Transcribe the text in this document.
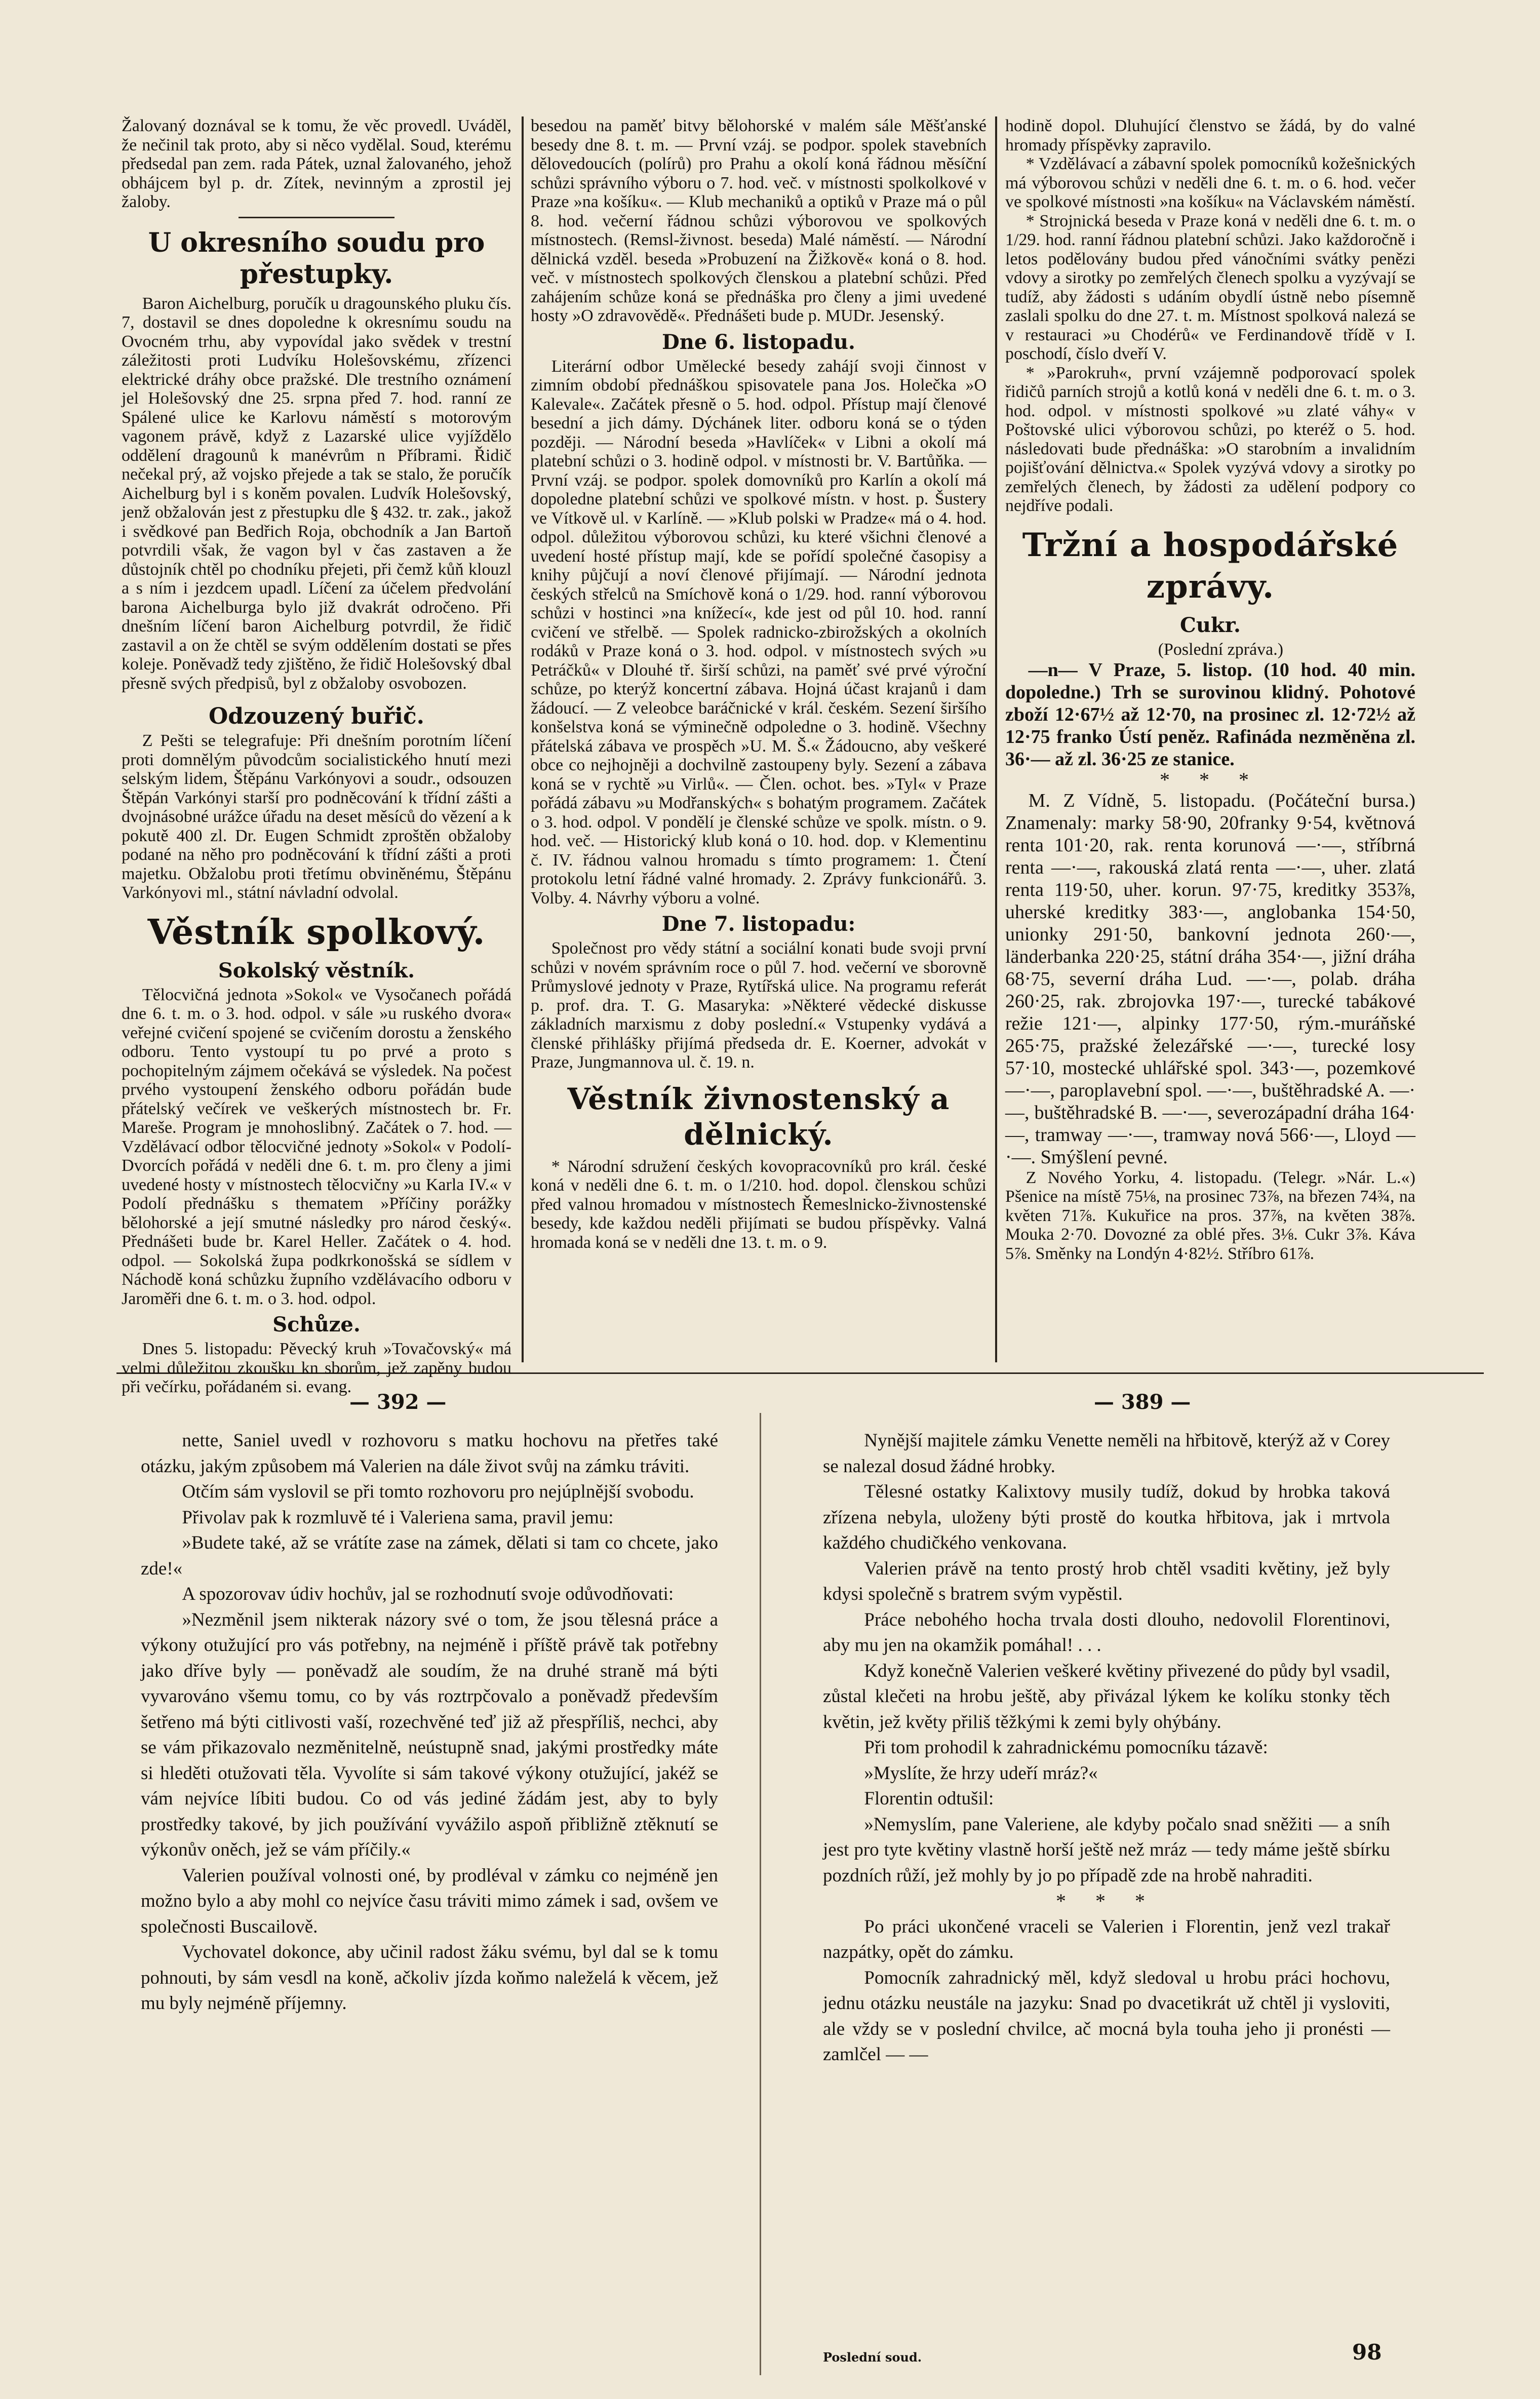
Žalovaný doznával se k tomu, že věc provedl. Uváděl, že nečinil tak proto, aby si něco vydělal. Soud, kterému předsedal pan zem. rada Pátek, uznal žalovaného, jehož obhájcem byl p. dr. Zítek, nevinným a zprostil jej žaloby.

U okresního soudu pro přestupky.

Baron Aichelburg, poručík u dragounského pluku čís. 7, dostavil se dnes dopoledne k okresnímu soudu na Ovocném trhu, aby vypovídal jako svědek v trestní záležitosti proti Ludvíku Holešovskému, zřízenci elektrické dráhy obce pražské. Dle trestního oznámení jel Holešovský dne 25. srpna před 7. hod. ranní ze Spálené ulice ke Karlovu náměstí s motorovým vagonem právě, když z Lazarské ulice vyjíždělo oddělení dragounů k manévrům n Příbrami. Řidič nečekal prý, až vojsko přejede a tak se stalo, že poručík Aichelburg byl i s koněm povalen. Ludvík Holešovský, jenž obžalován jest z přestupku dle § 432. tr. zak., jakož i svědkové pan Bedřich Roja, obchodník a Jan Bartoň potvrdili však, že vagon byl v čas zastaven a že důstojník chtěl po chodníku přejeti, při čemž kůň klouzl a s ním i jezdcem upadl. Líčení za účelem předvolání barona Aichelburga bylo již dvakrát odročeno. Při dnešním líčení baron Aichelburg potvrdil, že řidič zastavil a on že chtěl se svým oddělením dostati se přes koleje. Poněvadž tedy zjištěno, že řidič Holešovský dbal přesně svých předpisů, byl z obžaloby osvobozen.

Odzouzený buřič.

Z Pešti se telegrafuje: Při dnešním porotním líčení proti domnělým původcům socialistického hnutí mezi selským lidem, Štěpánu Varkónyovi a soudr., odsouzen Štěpán Varkónyi starší pro podněcování k třídní zášti a dvojnásobné urážce úřadu na deset měsíců do vězení a k pokutě 400 zl. Dr. Eugen Schmidt zproštěn obžaloby podané na něho pro podněcování k třídní zášti a proti majetku. Obžalobu proti třetímu obviněnému, Štěpánu Varkónyovi ml., státní návladní odvolal.

Věstník spolkový.
Sokolský věstník.

Tělocvičná jednota »Sokol« ve Vysočanech pořádá dne 6. t. m. o 3. hod. odpol. v sále »u ruského dvora« veřejné cvičení spojené se cvičením dorostu a ženského odboru. Tento vystoupí tu po prvé a proto s pochopitelným zájmem očekává se výsledek. Na počest prvého vystoupení ženského odboru pořádán bude přátelský večírek ve veškerých místnostech br. Fr. Mareše. Program je mnohoslibný. Začátek o 7. hod. — Vzdělávací odbor tělocvičné jednoty »Sokol« v Podolí-Dvorcích pořádá v neděli dne 6. t. m. pro členy a jimi uvedené hosty v místnostech tělocvičny »u Karla IV.« v Podolí přednášku s thematem »Příčiny porážky bělohorské a její smutné následky pro národ český«. Přednášeti bude br. Karel Heller. Začátek o 4. hod. odpol. — Sokolská župa podkrkonošská se sídlem v Náchodě koná schůzku župního vzdělávacího odboru v Jaroměři dne 6. t. m. o 3. hod. odpol.

Schůze.

Dnes 5. listopadu: Pěvecký kruh »Tovačovský« má velmi důležitou zkoušku kn sborům, jež zapěny budou při večírku, pořádaném si. evang.

besedou na paměť bitvy bělohorské v malém sále Měšťanské besedy dne 8. t. m. — První vzáj. se podpor. spolek stavebních dělovedoucích (polírů) pro Prahu a okolí koná řádnou měsíční schůzi správního výboru o 7. hod. več. v místnosti spolkolkové v Praze »na košíku«. — Klub mechaniků a optiků v Praze má o půl 8. hod. večerní řádnou schůzi výborovou ve spolkových místnostech. (Remsl-živnost. beseda) Malé náměstí. — Národní dělnická vzděl. beseda »Probuzení na Žižkově« koná o 8. hod. več. v místnostech spolkových členskou a platební schůzi. Před zahájením schůze koná se přednáška pro členy a jimi uvedené hosty »O zdravovědě«. Přednášeti bude p. MUDr. Jesenský.

Dne 6. listopadu.

Literární odbor Umělecké besedy zahájí svoji činnost v zimním období přednáškou spisovatele pana Jos. Holečka »O Kalevale«. Začátek přesně o 5. hod. odpol. Přístup mají členové besední a jich dámy. Dýchánek liter. odboru koná se o týden později. — Národní beseda »Havlíček« v Libni a okolí má platební schůzi o 3. hodině odpol. v místnosti br. V. Bartůňka. — První vzáj. se podpor. spolek domovníků pro Karlín a okolí má dopoledne platební schůzi ve spolkové místn. v host. p. Šustery ve Vítkově ul. v Karlíně. — »Klub polski w Pradze« má o 4. hod. odpol. důležitou výborovou schůzi, ku které všichni členové a uvedení hosté přístup mají, kde se pořídí společné časopisy a knihy půjčují a noví členové přijímají. — Národní jednota českých střelců na Smíchově koná o 1/29. hod. ranní výborovou schůzi v hostinci »na knížecí«, kde jest od půl 10. hod. ranní cvičení ve střelbě. — Spolek radnicko-zbirožských a okolních rodáků v Praze koná o 3. hod. odpol. v místnostech svých »u Petráčků« v Dlouhé tř. širší schůzi, na paměť své prvé výroční schůze, po kterýž koncertní zábava. Hojná účast krajanů i dam žádoucí. — Z veleobce baráčnické v král. českém. Sezení širšího konšelstva koná se výminečně odpoledne o 3. hodině. Všechny přátelská zábava ve prospěch »U. M. Š.« Žádoucno, aby veškeré obce co nejhojněji a dochvilně zastoupeny byly. Sezení a zábava koná se v rychtě »u Virlů«. — Člen. ochot. bes. »Tyl« v Praze pořádá zábavu »u Modřanských« s bohatým programem. Začátek o 3. hod. odpol. V pondělí je členské schůze ve spolk. místn. o 9. hod. več. — Historický klub koná o 10. hod. dop. v Klementinu č. IV. řádnou valnou hromadu s tímto programem: 1. Čtení protokolu letní řádné valné hromady. 2. Zprávy funkcionářů. 3. Volby. 4. Návrhy výboru a volné.

Dne 7. listopadu:

Společnost pro vědy státní a sociální konati bude svoji první schůzi v novém správním roce o půl 7. hod. večerní ve sborovně Průmyslové jednoty v Praze, Rytířská ulice. Na programu referát p. prof. dra. T. G. Masaryka: »Některé vědecké diskusse základních marxismu z doby poslední.« Vstupenky vydává a členské přihlášky přijímá předseda dr. E. Koerner, advokát v Praze, Jungmannova ul. č. 19. n.

Věstník živnostenský a dělnický.

* Národní sdružení českých kovopracovníků pro král. české koná v neděli dne 6. t. m. o 1/210. hod. dopol. členskou schůzi před valnou hromadou v místnostech Řemeslnicko-živnostenské besedy, kde každou neděli přijímati se budou příspěvky. Valná hromada koná se v neděli dne 13. t. m. o 9.

hodině dopol. Dluhující členstvo se žádá, by do valné hromady příspěvky zapravilo.

* Vzdělávací a zábavní spolek pomocníků kožešnických má výborovou schůzi v neděli dne 6. t. m. o 6. hod. večer ve spolkové místnosti »na košíku« na Václavském náměstí.

* Strojnická beseda v Praze koná v neděli dne 6. t. m. o 1/29. hod. ranní řádnou platební schůzi. Jako každoročně i letos podělovány budou před vánočními svátky penězi vdovy a sirotky po zemřelých členech spolku a vyzývají se tudíž, aby žádosti s udáním obydlí ústně nebo písemně zaslali spolku do dne 27. t. m. Místnost spolková nalezá se v restauraci »u Chodérů« ve Ferdinandově třídě v I. poschodí, číslo dveří V.

* »Parokruh«, první vzájemně podporovací spolek řidičů parních strojů a kotlů koná v neděli dne 6. t. m. o 3. hod. odpol. v místnosti spolkové »u zlaté váhy« v Poštovské ulici výborovou schůzi, po kteréž o 5. hod. následovati bude přednáška: »O starobním a invalidním pojišťování dělnictva.« Spolek vyzývá vdovy a sirotky po zemřelých členech, by žádosti za udělení podpory co nejdříve podali.

Tržní a hospodářské zprávy.
Cukr.

(Poslední zpráva.)

—n— V Praze, 5. listop. (10 hod. 40 min. dopoledne.) Trh se surovinou klidný. Pohotové zboží 12·67½ až 12·70, na prosinec zl. 12·72½ až 12·75 franko Ústí peněz. Rafináda nezměněna zl. 36·— až zl. 36·25 ze stanice.

* * *

M. Z Vídně, 5. listopadu. (Počáteční bursa.) Znamenaly: marky 58·90, 20franky 9·54, květnová renta 101·20, rak. renta korunová —·—, stříbrná renta —·—, rakouská zlatá renta —·—, uher. zlatá renta 119·50, uher. korun. 97·75, kreditky 353⅞, uherské kreditky 383·—, anglobanka 154·50, unionky 291·50, bankovní jednota 260·—, länderbanka 220·25, státní dráha 354·—, jižní dráha 68·75, severní dráha Lud. —·—, polab. dráha 260·25, rak. zbrojovka 197·—, turecké tabákové režie 121·—, alpinky 177·50, rým.-muráňské 265·75, pražské železářské —·—, turecké losy 57·10, mostecké uhlářské spol. 343·—, pozemkové —·—, paroplavební spol. —·—, buštěhradské A. —·—, buštěhradské B. —·—, severozápadní dráha 164·—, tramway —·—, tramway nová 566·—, Lloyd —·—. Smýšlení pevné.

Z Nového Yorku, 4. listopadu. (Telegr. »Nár. L.«) Pšenice na místě 75⅛, na prosinec 73⅞, na březen 74¾, na květen 71⅞. Kukuřice na pros. 37⅞, na květen 38⅞. Mouka 2·70. Dovozné za oblé přes. 3⅛. Cukr 3⅞. Káva 5⅞. Směnky na Londýn 4·82½. Stříbro 61⅞.

— 392 —

nette, Saniel uvedl v rozhovoru s matku hochovu na přetřes také otázku, jakým způsobem má Valerien na dále život svůj na zámku tráviti.

Otčím sám vyslovil se při tomto rozhovoru pro nejúplnější svobodu.

Přivolav pak k rozmluvě té i Valeriena sama, pravil jemu:

»Budete také, až se vrátíte zase na zámek, dělati si tam co chcete, jako zde!«

A spozorovav údiv hochův, jal se rozhodnutí svoje odůvodňovati:

»Nezměnil jsem nikterak názory své o tom, že jsou tělesná práce a výkony otužující pro vás potřebny, na nejméně i příště právě tak potřebny jako dříve byly — poněvadž ale soudím, že na druhé straně má býti vyvarováno všemu tomu, co by vás roztrpčovalo a poněvadž především šetřeno má býti citlivosti vaší, rozechvěné teď již až přespříliš, nechci, aby se vám přikazovalo nezměnitelně, neústupně snad, jakými prostředky máte si hleděti otužovati těla. Vyvolíte si sám takové výkony otužující, jakéž se vám nejvíce líbiti budou. Co od vás jediné žádám jest, aby to byly prostředky takové, by jich používání vyvážilo aspoň přibližně ztěknutí se výkonův oněch, jež se vám příčily.«

Valerien používal volnosti oné, by prodléval v zámku co nejméně jen možno bylo a aby mohl co nejvíce času tráviti mimo zámek i sad, ovšem ve společnosti Buscailově.

Vychovatel dokonce, aby učinil radost žáku svému, byl dal se k tomu pohnouti, by sám vesdl na koně, ačkoliv jízda koňmo naleželá k věcem, jež mu byly nejméně příjemny.

— 389 —

Nynější majitele zámku Venette neměli na hřbitově, kterýž až v Corey se nalezal dosud žádné hrobky.

Tělesné ostatky Kalixtovy musily tudíž, dokud by hrobka taková zřízena nebyla, uloženy býti prostě do koutka hřbitova, jak i mrtvola každého chudičkého venkovana.

Valerien právě na tento prostý hrob chtěl vsaditi květiny, jež byly kdysi společně s bratrem svým vypěstil.

Práce nebohého hocha trvala dosti dlouho, nedovolil Florentinovi, aby mu jen na okamžik pomáhal! . . .

Když konečně Valerien veškeré květiny přivezené do půdy byl vsadil, zůstal klečeti na hrobu ještě, aby přivázal lýkem ke kolíku stonky těch květin, jež květy přiliš těžkými k zemi byly ohýbány.

Při tom prohodil k zahradnickému pomocníku tázavě:

»Myslíte, že hrzy udeří mráz?«

Florentin odtušil:

»Nemyslím, pane Valeriene, ale kdyby počalo snad sněžiti — a sníh jest pro tyte květiny vlastně horší ještě než mráz — tedy máme ještě sbírku pozdních růží, jež mohly by jo po případě zde na hrobě nahraditi.

* * *

Po práci ukončené vraceli se Valerien i Florentin, jenž vezl trakař nazpátky, opět do zámku.

Pomocník zahradnický měl, když sledoval u hrobu práci hochovu, jednu otázku neustále na jazyku: Snad po dvacetikrát už chtěl ji vysloviti, ale vždy se v poslední chvilce, ač mocná byla touha jeho ji pronésti — zamlčel — —

Poslední soud.	98
